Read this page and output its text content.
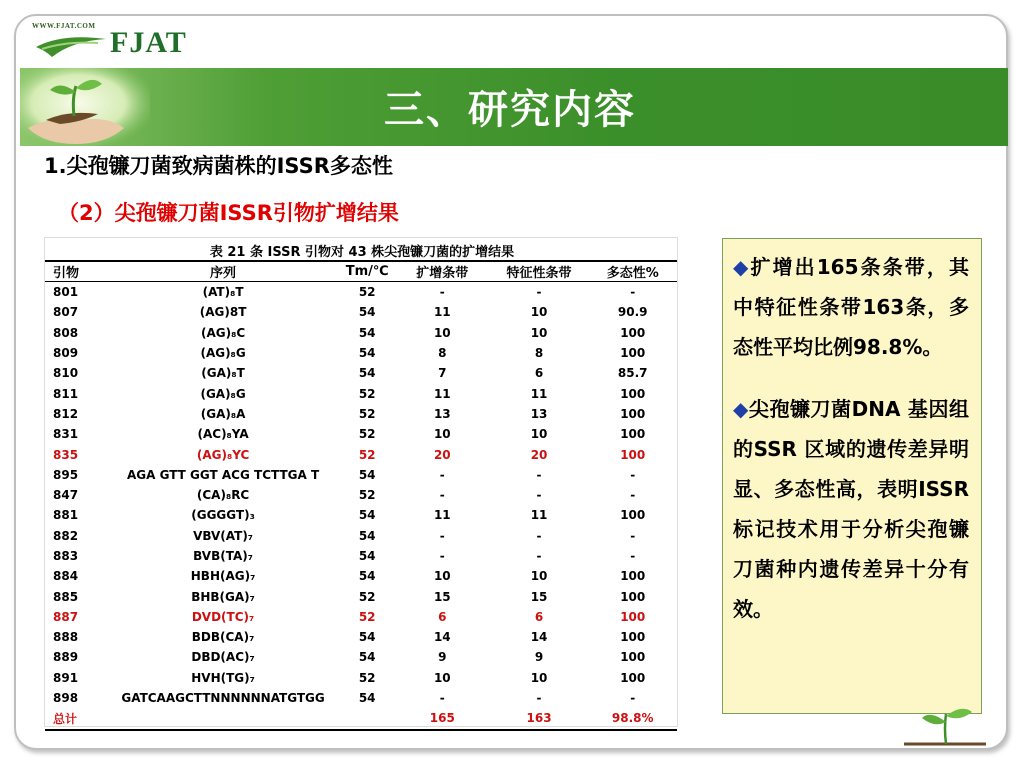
WWW.FJAT.COM FJAT
三、研究内容
1.尖孢镰刀菌致病菌株的ISSR多态性
（2）尖孢镰刀菌ISSR引物扩增结果
表 21 条 ISSR 引物对 43 株尖孢镰刀菌的扩增结果
引物	序列	Tm/℃	扩增条带	特征性条带	多态性%
801	(AT)₈T	52	-	-	-
807	(AG)8T	54	11	10	90.9
808	(AG)₈C	54	10	10	100
809	(AG)₈G	54	8	8	100
810	(GA)₈T	54	7	6	85.7
811	(GA)₈G	52	11	11	100
812	(GA)₈A	52	13	13	100
831	(AC)₈YA	52	10	10	100
835	(AG)₈YC	52	20	20	100
895	AGA GTT GGT ACG TCTTGA T	54	-	-	-
847	(CA)₈RC	52	-	-	-
881	(GGGGT)₃	54	11	11	100
882	VBV(AT)₇	54	-	-	-
883	BVB(TA)₇	54	-	-	-
884	HBH(AG)₇	54	10	10	100
885	BHB(GA)₇	52	15	15	100
887	DVD(TC)₇	52	6	6	100
888	BDB(CA)₇	54	14	14	100
889	DBD(AC)₇	54	9	9	100
891	HVH(TG)₇	52	10	10	100
898	GATCAAGCTTNNNNNNATGTGG	54	-	-	-
总计			165	163	98.8%

◆扩增出165条条带，其中特征性条带163条，多态性平均比例98.8%。

◆尖孢镰刀菌DNA 基因组的SSR 区域的遗传差异明显、多态性高，表明ISSR 标记技术用于分析尖孢镰刀菌种内遗传差异十分有效。
